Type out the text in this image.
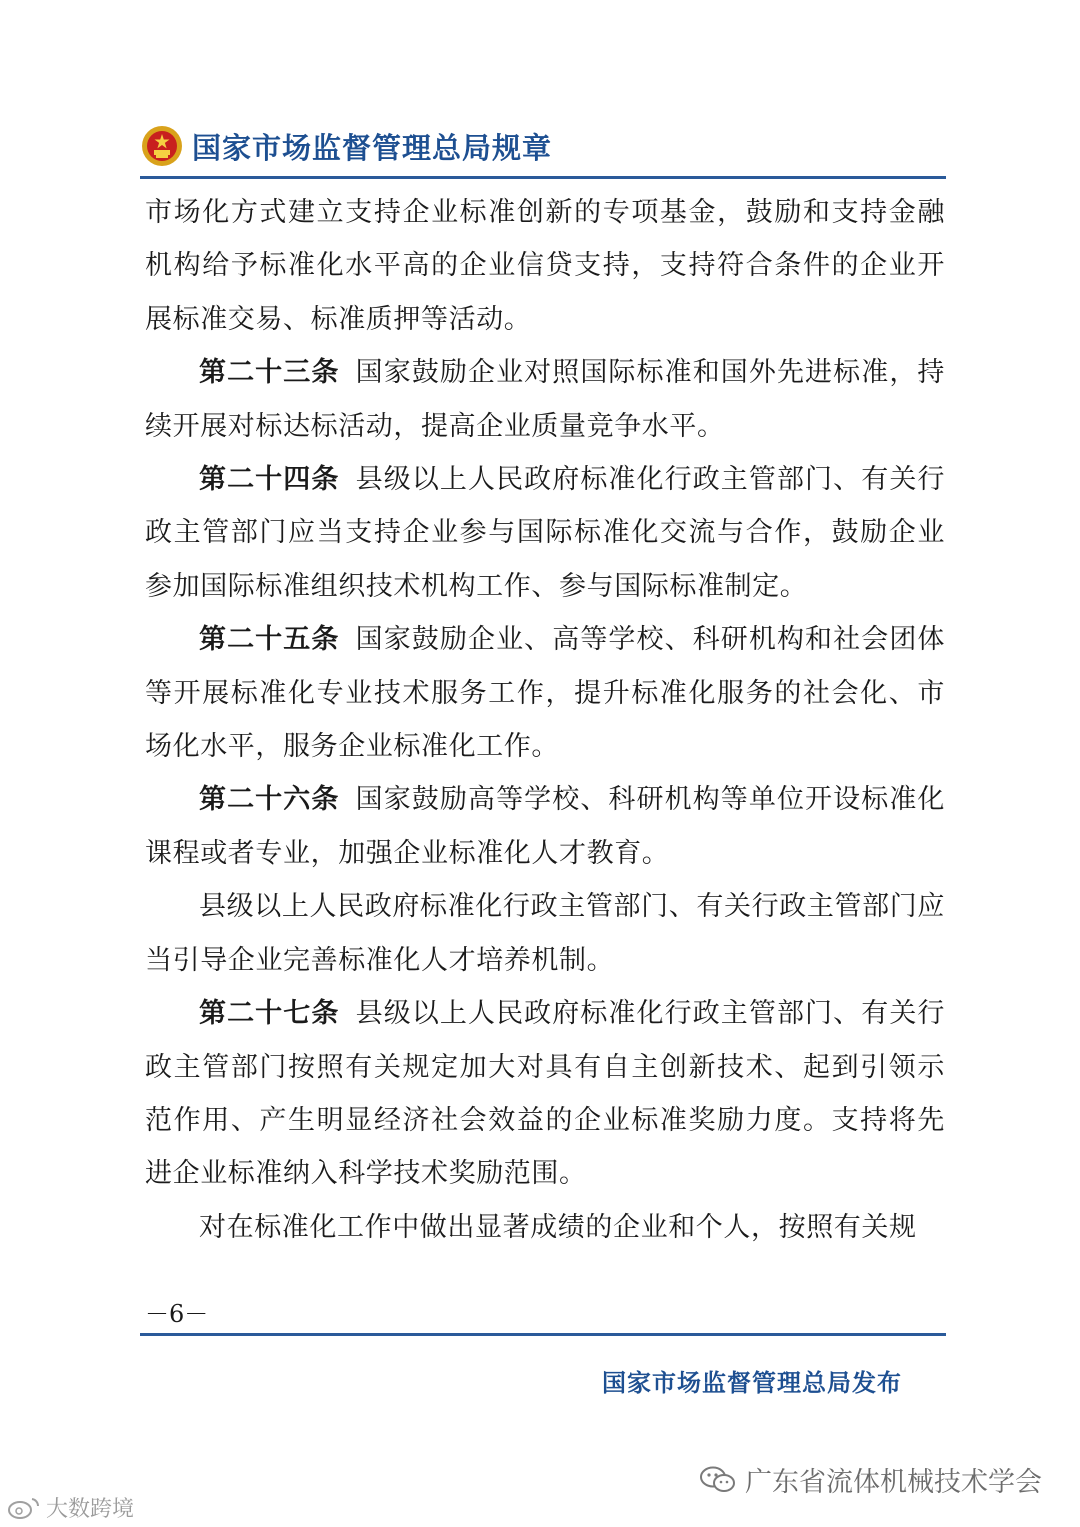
国家市场监督管理总局规章

市场化方式建立支持企业标准创新的专项基金，鼓励和支持金融机构给予标准化水平高的企业信贷支持，支持符合条件的企业开展标准交易、标准质押等活动。

第二十三条 国家鼓励企业对照国际标准和国外先进标准，持续开展对标达标活动，提高企业质量竞争水平。

第二十四条 县级以上人民政府标准化行政主管部门、有关行政主管部门应当支持企业参与国际标准化交流与合作，鼓励企业参加国际标准组织技术机构工作、参与国际标准制定。

第二十五条 国家鼓励企业、高等学校、科研机构和社会团体等开展标准化专业技术服务工作，提升标准化服务的社会化、市场化水平，服务企业标准化工作。

第二十六条 国家鼓励高等学校、科研机构等单位开设标准化课程或者专业，加强企业标准化人才教育。

县级以上人民政府标准化行政主管部门、有关行政主管部门应当引导企业完善标准化人才培养机制。

第二十七条 县级以上人民政府标准化行政主管部门、有关行政主管部门按照有关规定加大对具有自主创新技术、起到引领示范作用、产生明显经济社会效益的企业标准奖励力度。支持将先进企业标准纳入科学技术奖励范围。

对在标准化工作中做出显著成绩的企业和个人，按照有关规

－6－
国家市场监督管理总局发布
广东省流体机械技术学会
大数跨境
